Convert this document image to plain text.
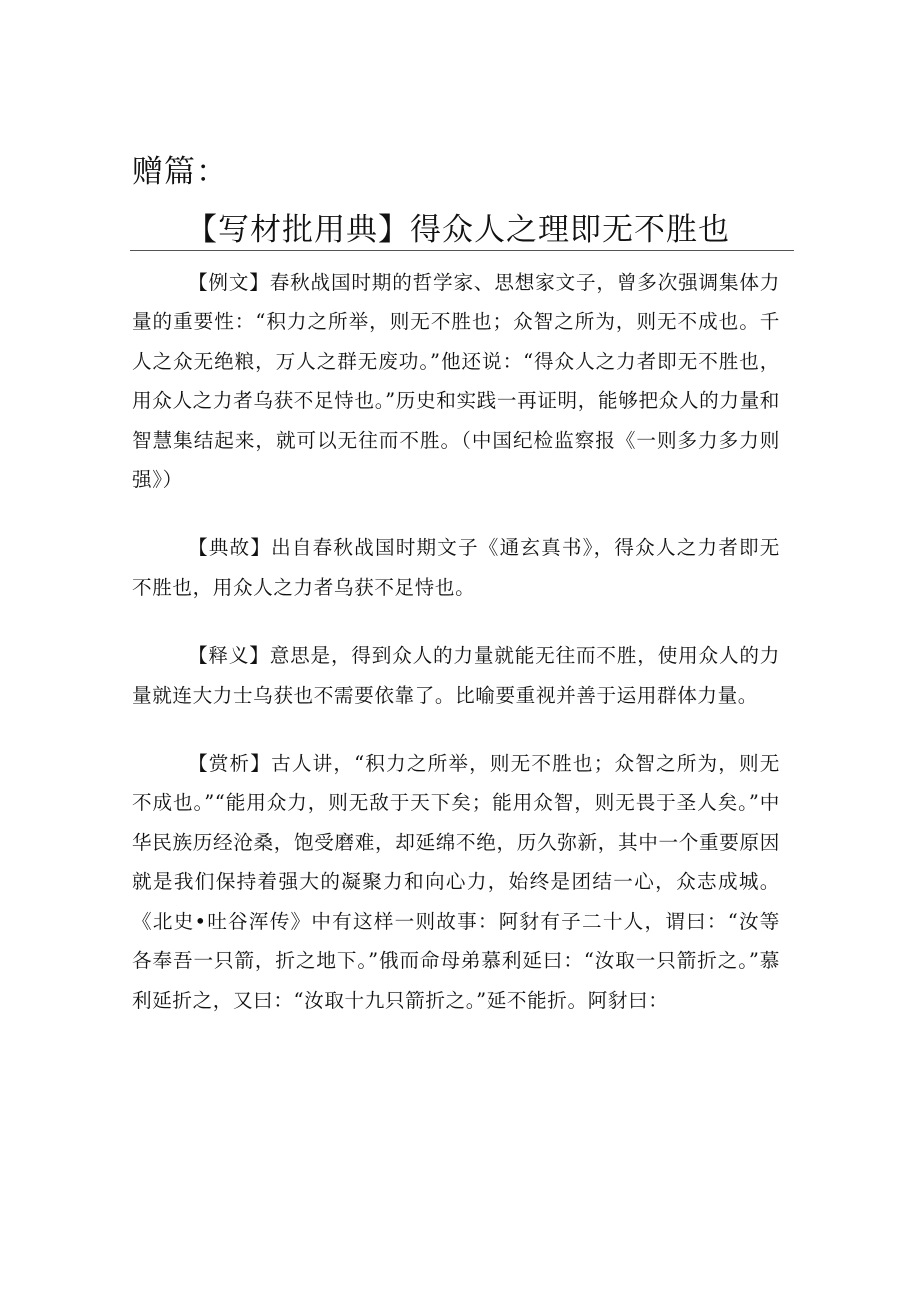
赠篇：
【写材批用典】得众人之理即无不胜也

【例文】春秋战国时期的哲学家、思想家文子，曾多次强调集体力量的重要性：“积力之所举，则无不胜也；众智之所为，则无不成也。千人之众无绝粮，万人之群无废功。”他还说：“得众人之力者即无不胜也，用众人之力者乌获不足恃也。”历史和实践一再证明，能够把众人的力量和智慧集结起来，就可以无往而不胜。（中国纪检监察报《一则多力多力则强》）

【典故】出自春秋战国时期文子《通玄真书》，得众人之力者即无不胜也，用众人之力者乌获不足恃也。

【释义】意思是，得到众人的力量就能无往而不胜，使用众人的力量就连大力士乌获也不需要依靠了。比喻要重视并善于运用群体力量。

【赏析】古人讲，“积力之所举，则无不胜也；众智之所为，则无不成也。”“能用众力，则无敌于天下矣；能用众智，则无畏于圣人矣。”中华民族历经沧桑，饱受磨难，却延绵不绝，历久弥新，其中一个重要原因就是我们保持着强大的凝聚力和向心力，始终是团结一心，众志成城。《北史•吐谷浑传》中有这样一则故事：阿豺有子二十人，谓曰：“汝等各奉吾一只箭，折之地下。”俄而命母弟慕利延曰：“汝取一只箭折之。”慕利延折之，又曰：“汝取十九只箭折之。”延不能折。阿豺曰：
